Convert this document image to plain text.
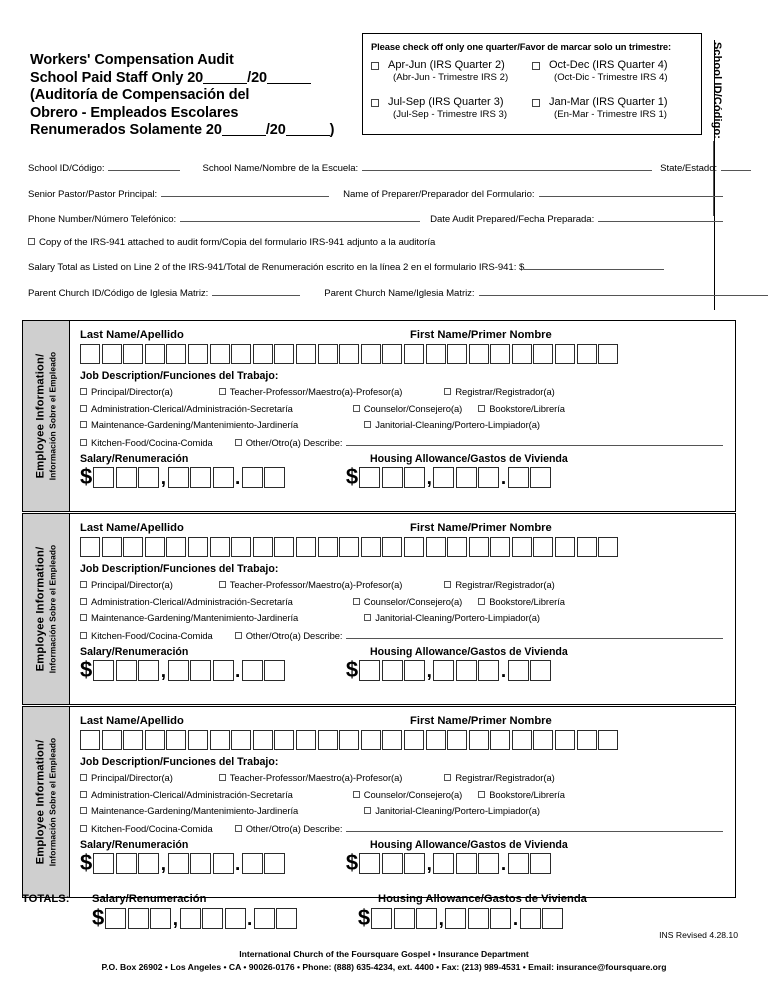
Workers' Compensation Audit
School Paid Staff Only 20	/20
(Auditoría de Compensación del
Obrero - Empleados Escolares
Renumerados Solamente 20	/20	)
Please check off only one quarter/Favor de marcar solo un trimestre:
Apr-Jun (IRS Quarter 2)
(Abr-Jun - Trimestre IRS 2)
Oct-Dec (IRS Quarter 4)
(Oct-Dic - Trimestre IRS 4)
Jul-Sep (IRS Quarter 3)
(Jul-Sep - Trimestre IRS 3)
Jan-Mar (IRS Quarter 1)
(En-Mar - Trimestre IRS 1)	School ID/Código:
School ID/Código:	School Name/Nombre de la Escuela:	State/Estado:
Senior Pastor/Pastor Principal:	Name of Preparer/Preparador del Formulario:
Phone Number/Número Telefónico:	Date Audit Prepared/Fecha Preparada:
Copy of the IRS-941 attached to audit form/Copia del formulario IRS-941 adjunto a la auditoría
Salary Total as Listed on Line 2 of the IRS-941/Total de Renumeración escrito en la línea 2 en el formulario IRS-941: $
Parent Church ID/Código de Iglesia Matriz:	Parent Church Name/Iglesia Matriz:
Employee Information/ Información Sobre el Empleado
Last Name/Apellido	First Name/Primer Nombre
Job Description/Funciones del Trabajo:
Principal/Director(a)	Teacher-Professor/Maestro(a)-Profesor(a)	Registrar/Registrador(a)
Administration-Clerical/Administración-Secretaría	Counselor/Consejero(a)	Bookstore/Librería
Maintenance-Gardening/Mantenimiento-Jardinería	Janitorial-Cleaning/Portero-Limpiador(a)
Kitchen-Food/Cocina-Comida	Other/Otro(a) Describe:
Salary/Renumeración	Housing Allowance/Gastos de Vivienda
$	,	.	$	,	.
Employee Information/ Información Sobre el Empleado
Last Name/Apellido	First Name/Primer Nombre
Job Description/Funciones del Trabajo:
Principal/Director(a)	Teacher-Professor/Maestro(a)-Profesor(a)	Registrar/Registrador(a)
Administration-Clerical/Administración-Secretaría	Counselor/Consejero(a)	Bookstore/Librería
Maintenance-Gardening/Mantenimiento-Jardinería	Janitorial-Cleaning/Portero-Limpiador(a)
Kitchen-Food/Cocina-Comida	Other/Otro(a) Describe:
Salary/Renumeración	Housing Allowance/Gastos de Vivienda
$	,	.	$	,	.
Employee Information/ Información Sobre el Empleado
Last Name/Apellido	First Name/Primer Nombre
Job Description/Funciones del Trabajo:
Principal/Director(a)	Teacher-Professor/Maestro(a)-Profesor(a)	Registrar/Registrador(a)
Administration-Clerical/Administración-Secretaría	Counselor/Consejero(a)	Bookstore/Librería
Maintenance-Gardening/Mantenimiento-Jardinería	Janitorial-Cleaning/Portero-Limpiador(a)
Kitchen-Food/Cocina-Comida	Other/Otro(a) Describe:
Salary/Renumeración	Housing Allowance/Gastos de Vivienda
$	,	.	$	,	.
TOTALS:	Salary/Renumeración	Housing Allowance/Gastos de Vivienda
$	,	.	$	,	.
INS Revised 4.28.10
International Church of the Foursquare Gospel • Insurance Department
P.O. Box 26902 • Los Angeles • CA • 90026-0176 • Phone: (888) 635-4234, ext. 4400 • Fax: (213) 989-4531 • Email: insurance@foursquare.org
